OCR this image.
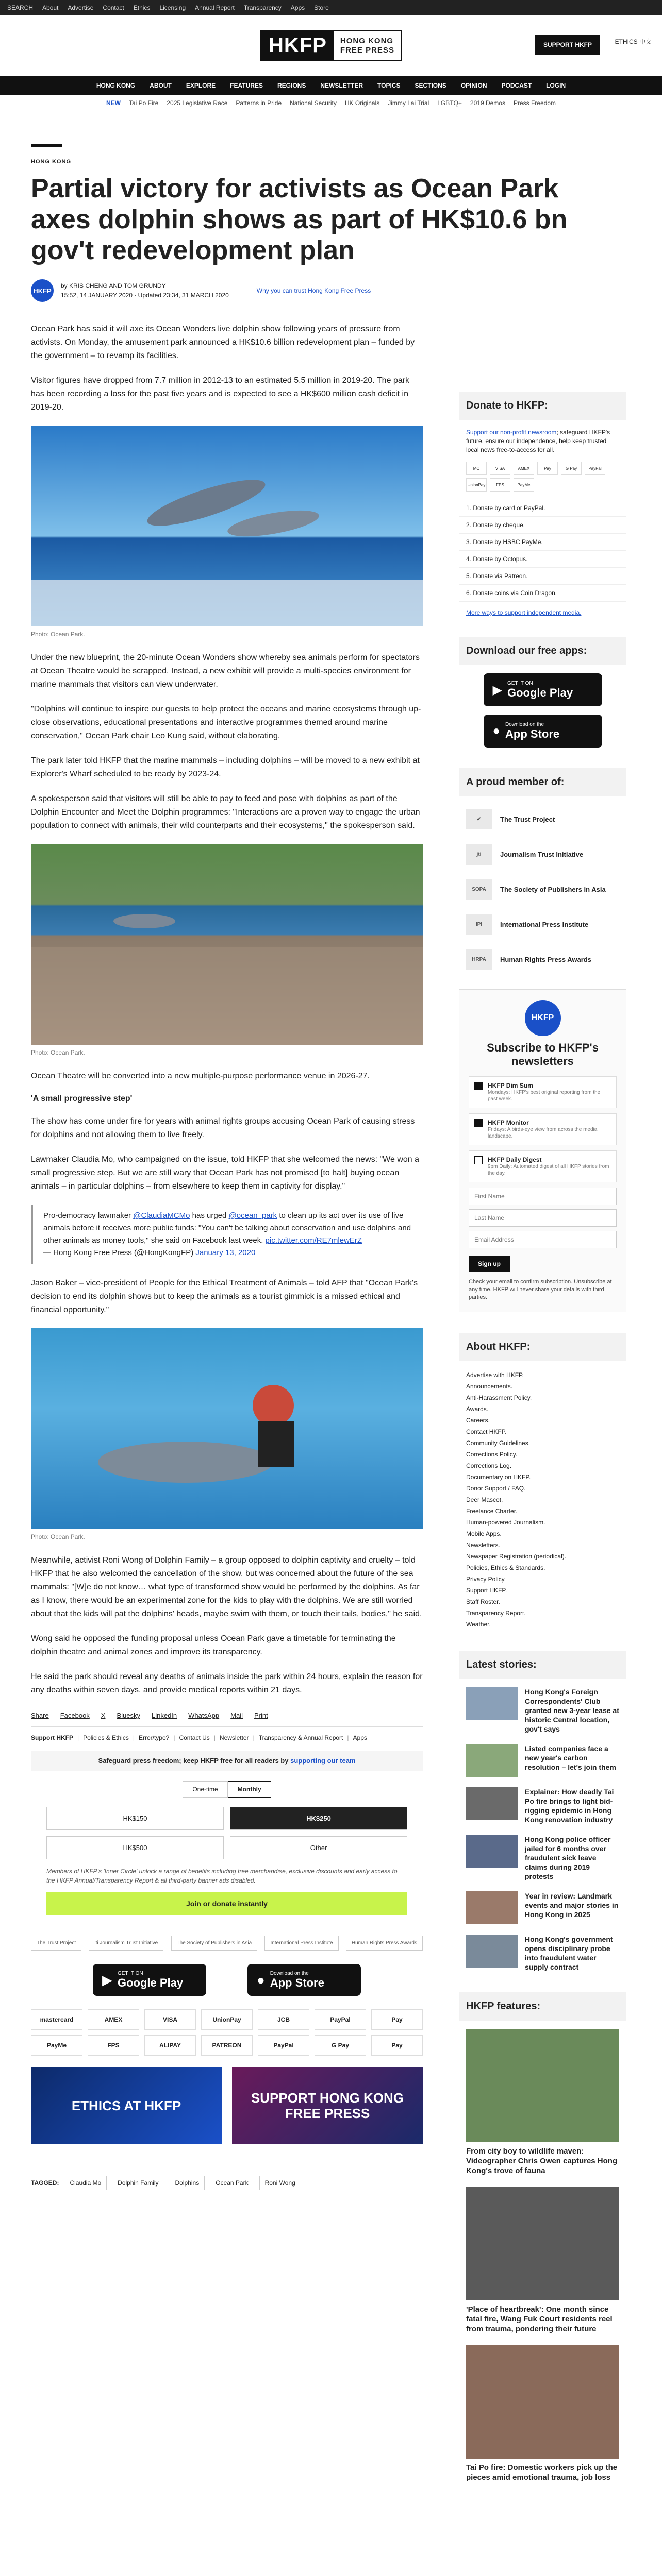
SEARCH About Advertise Contact Ethics Licensing Annual Report Transparency Apps Store
HKFP	HONG KONG
FREE PRESS
SUPPORT HKFP	ETHICS 中文
HONG KONG ABOUT EXPLORE FEATURES REGIONS NEWSLETTER TOPICS SECTIONS OPINION PODCAST LOGIN
NEW Tai Po Fire 2025 Legislative Race Patterns in Pride National Security HK Originals Jimmy Lai Trial LGBTQ+ 2019 Demos Press Freedom
HONG KONG
Partial victory for activists as Ocean Park axes dolphin shows as part of HK$10.6 bn gov't redevelopment plan
HKFP
by KRIS CHENG AND TOM GRUNDY
15:52, 14 JANUARY 2020 · Updated 23:34, 31 MARCH 2020
Why you can trust Hong Kong Free Press

Ocean Park has said it will axe its Ocean Wonders live dolphin show following years of pressure from activists. On Monday, the amusement park announced a HK$10.6 billion redevelopment plan – funded by the government – to revamp its facilities.

Visitor figures have dropped from 7.7 million in 2012-13 to an estimated 5.5 million in 2019-20. The park has been recording a loss for the past five years and is expected to see a HK$600 million cash deficit in 2019-20.

Photo: Ocean Park.

Under the new blueprint, the 20-minute Ocean Wonders show whereby sea animals perform for spectators at Ocean Theatre would be scrapped. Instead, a new exhibit will provide a multi-species environment for marine mammals that visitors can view underwater.

"Dolphins will continue to inspire our guests to help protect the oceans and marine ecosystems through up-close observations, educational presentations and interactive programmes themed around marine conservation," Ocean Park chair Leo Kung said, without elaborating.

The park later told HKFP that the marine mammals – including dolphins – will be moved to a new exhibit at Explorer's Wharf scheduled to be ready by 2023-24.

A spokesperson said that visitors will still be able to pay to feed and pose with dolphins as part of the Dolphin Encounter and Meet the Dolphin programmes: "Interactions are a proven way to engage the urban population to connect with animals, their wild counterparts and their ecosystems," the spokesperson said.

Photo: Ocean Park.

Ocean Theatre will be converted into a new multiple-purpose performance venue in 2026-27.

'A small progressive step'

The show has come under fire for years with animal rights groups accusing Ocean Park of causing stress for dolphins and not allowing them to live freely.

Lawmaker Claudia Mo, who campaigned on the issue, told HKFP that she welcomed the news: "We won a small progressive step. But we are still wary that Ocean Park has not promised [to halt] buying ocean animals – in particular dolphins – from elsewhere to keep them in captivity for display."

Pro-democracy lawmaker @ClaudiaMCMo has urged @ocean_park to clean up its act over its use of live animals before it receives more public funds: "You can't be talking about conservation and use dolphins and other animals as money tools," she said on Facebook last week. pic.twitter.com/RE7mlewErZ
— Hong Kong Free Press (@HongKongFP) January 13, 2020

Jason Baker – vice-president of People for the Ethical Treatment of Animals – told AFP that "Ocean Park's decision to end its dolphin shows but to keep the animals as a tourist gimmick is a missed ethical and financial opportunity."

Photo: Ocean Park.

Meanwhile, activist Roni Wong of Dolphin Family – a group opposed to dolphin captivity and cruelty – told HKFP that he also welcomed the cancellation of the show, but was concerned about the future of the sea mammals: "[W]e do not know… what type of transformed show would be performed by the dolphins. As far as I know, there would be an experimental zone for the kids to play with the dolphins. We are still worried about that the kids will pat the dolphins' heads, maybe swim with them, or touch their tails, bodies," he said.

Wong said he opposed the funding proposal unless Ocean Park gave a timetable for terminating the dolphin theatre and animal zones and improve its transparency.

He said the park should reveal any deaths of animals inside the park within 24 hours, explain the reason for any deaths within seven days, and provide medical reports within 21 days.

Share Facebook X Bluesky LinkedIn WhatsApp Mail Print
Support HKFP | Policies & Ethics | Error/typo? | Contact Us | Newsletter | Transparency & Annual Report | Apps
Safeguard press freedom; keep HKFP free for all readers by supporting our team
One-time	Monthly
HK$150	HK$250
HK$500	Other
Members of HKFP's 'Inner Circle' unlock a range of benefits including free merchandise, exclusive discounts and early access to the HKFP Annual/Transparency Report & all third-party banner ads disabled.
Join or donate instantly
The Trust Project	jti Journalism Trust Initiative	The Society of Publishers in Asia	International Press Institute	Human Rights Press Awards
▶ GET IT ON
Google Play	● Download on the
App Store
mastercard	AMEX	VISA	UnionPay	JCB	PayPal	Pay
PayMe	FPS	ALIPAY	PATREON	PayPal	G Pay	Pay
ETHICS AT HKFP	SUPPORT HONG KONG FREE PRESS
TAGGED:	Claudia Mo	Dolphin Family	Dolphins	Ocean Park	Roni Wong
Donate to HKFP:
Support our non-profit newsroom; safeguard HKFP's future, ensure our independence, help keep trusted local news free-to-access for all.
MC	VISA	AMEX	Pay	G Pay	PayPal
UnionPay	FPS	PayMe
1. Donate by card or PayPal.
2. Donate by cheque.
3. Donate by HSBC PayMe.
4. Donate by Octopus.
5. Donate via Patreon.
6. Donate coins via Coin Dragon.
More ways to support independent media.
Download our free apps:
▶ GET IT ON
Google Play
● Download on the
App Store
A proud member of:
✔	The Trust Project
jti	Journalism Trust Initiative
SOPA	The Society of Publishers in Asia
IPI	International Press Institute
HRPA	Human Rights Press Awards
HKFP
Subscribe to HKFP's newsletters
HKFP Dim Sum
Mondays: HKFP's best original reporting from the past week.
HKFP Monitor
Fridays: A birds-eye view from across the media landscape.
HKFP Daily Digest
9pm Daily: Automated digest of all HKFP stories from the day.
First Name Last Name Email Address Sign up
Check your email to confirm subscription. Unsubscribe at any time. HKFP will never share your details with third parties.
About HKFP:
Advertise with HKFP.
Announcements.
Anti-Harassment Policy.
Awards.
Careers.
Contact HKFP.
Community Guidelines.
Corrections Policy.
Corrections Log.
Documentary on HKFP.
Donor Support / FAQ.
Deer Mascot.
Freelance Charter.
Human-powered Journalism.
Mobile Apps.
Newsletters.
Newspaper Registration (periodical).
Policies, Ethics & Standards.
Privacy Policy.
Support HKFP.
Staff Roster.
Transparency Report.
Weather.
Latest stories:
Hong Kong's Foreign Correspondents' Club granted new 3-year lease at historic Central location, gov't says
Listed companies face a new year's carbon resolution – let's join them
Explainer: How deadly Tai Po fire brings to light bid-rigging epidemic in Hong Kong renovation industry
Hong Kong police officer jailed for 6 months over fraudulent sick leave claims during 2019 protests
Year in review: Landmark events and major stories in Hong Kong in 2025
Hong Kong's government opens disciplinary probe into fraudulent water supply contract
HKFP features:
From city boy to wildlife maven: Videographer Chris Owen captures Hong Kong's trove of fauna
'Place of heartbreak': One month since fatal fire, Wang Fuk Court residents reel from trauma, pondering their future
Tai Po fire: Domestic workers pick up the pieces amid emotional trauma, job loss
